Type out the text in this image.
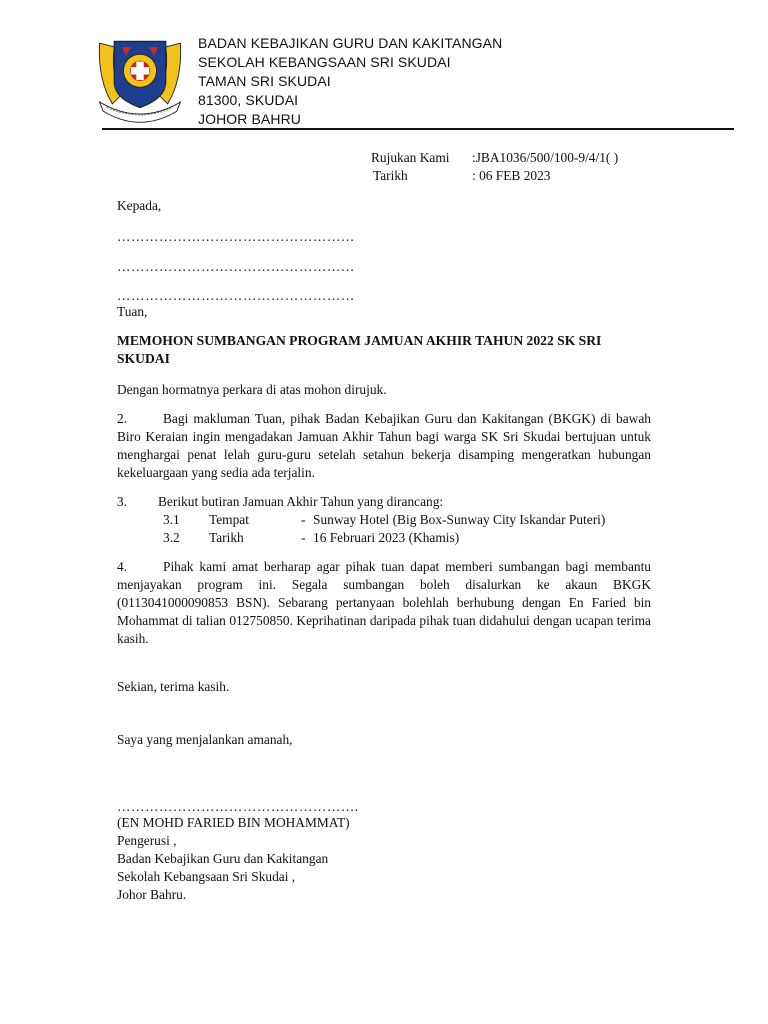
BADAN KEBAJIKAN GURU DAN KAKITANGAN
SEKOLAH KEBANGSAAN SRI SKUDAI
TAMAN SRI SKUDAI
81300, SKUDAI
JOHOR BAHRU
Rujukan Kami	:JBA1036/500/100-9/4/1( )
Tarikh	: 06 FEB 2023
Kepada,
……………………………………………
……………………………………………
……………………………………………
Tuan,
MEMOHON SUMBANGAN PROGRAM JAMUAN AKHIR TAHUN 2022 SK SRI
SKUDAI
Dengan hormatnya perkara di atas mohon dirujuk.
2.	Bagi makluman Tuan, pihak Badan Kebajikan Guru dan Kakitangan (BKGK) di bawah Biro Keraian ingin mengadakan Jamuan Akhir Tahun bagi warga SK Sri Skudai bertujuan untuk menghargai penat lelah guru-guru setelah setahun bekerja disamping mengeratkan hubungan kekeluargaan yang sedia ada terjalin.
3. Berikut butiran Jamuan Akhir Tahun yang dirancang:
3.1	Tempat	- Sunway Hotel (Big Box-Sunway City Iskandar Puteri)
3.2	Tarikh	- 16 Februari 2023 (Khamis)
4.	Pihak kami amat berharap agar pihak tuan dapat memberi sumbangan bagi membantu menjayakan program ini. Segala sumbangan boleh disalurkan ke akaun BKGK (0113041000090853 BSN). Sebarang pertanyaan bolehlah berhubung dengan En Faried bin Mohammat di talian 012750850. Keprihatinan daripada pihak tuan didahului dengan ucapan terima kasih.
Sekian, terima kasih.
Saya yang menjalankan amanah,
…………………………………………….
(EN MOHD FARIED BIN MOHAMMAT)
Pengerusi ,
Badan Kebajikan Guru dan Kakitangan
Sekolah Kebangsaan Sri Skudai ,
Johor Bahru.
